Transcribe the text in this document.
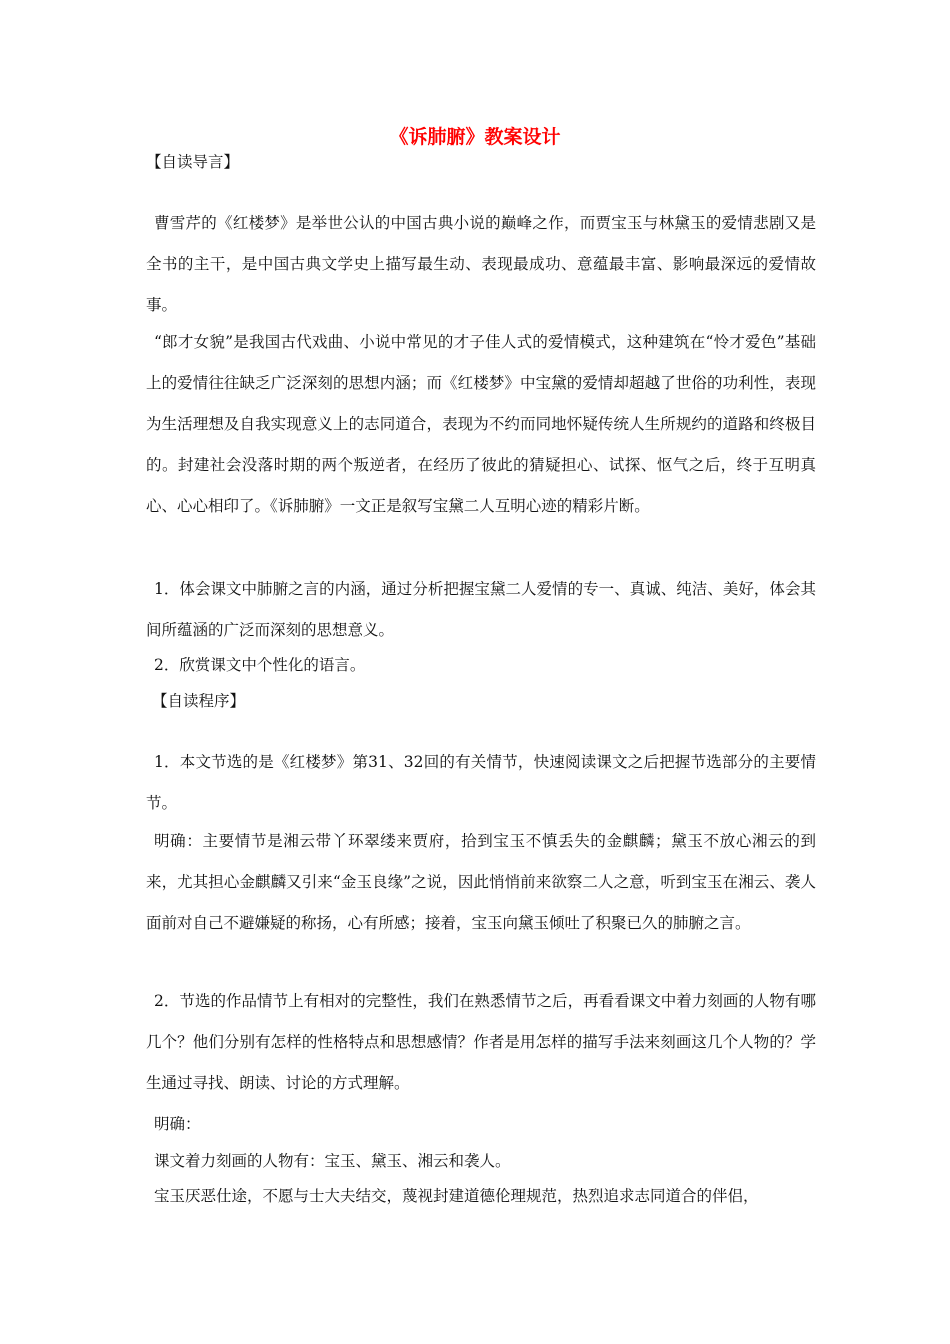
《诉肺腑》教案设计
【自读导言】
曹雪芹的《红楼梦》是举世公认的中国古典小说的巅峰之作，而贾宝玉与林黛玉的爱情悲剧又是全书的主干，是中国古典文学史上描写最生动、表现最成功、意蕴最丰富、影响最深远的爱情故事。
“郎才女貌”是我国古代戏曲、小说中常见的才子佳人式的爱情模式，这种建筑在“怜才爱色”基础上的爱情往往缺乏广泛深刻的思想内涵；而《红楼梦》中宝黛的爱情却超越了世俗的功利性，表现为生活理想及自我实现意义上的志同道合，表现为不约而同地怀疑传统人生所规约的道路和终极目的。封建社会没落时期的两个叛逆者，在经历了彼此的猜疑担心、试探、怄气之后，终于互明真心、心心相印了。《诉肺腑》一文正是叙写宝黛二人互明心迹的精彩片断。
1．体会课文中肺腑之言的内涵，通过分析把握宝黛二人爱情的专一、真诚、纯洁、美好，体会其间所蕴涵的广泛而深刻的思想意义。
2．欣赏课文中个性化的语言。
【自读程序】
1．本文节选的是《红楼梦》第31、32回的有关情节，快速阅读课文之后把握节选部分的主要情节。
明确：主要情节是湘云带丫环翠缕来贾府，拾到宝玉不慎丢失的金麒麟；黛玉不放心湘云的到来，尤其担心金麒麟又引来“金玉良缘”之说，因此悄悄前来欲察二人之意，听到宝玉在湘云、袭人面前对自己不避嫌疑的称扬，心有所感；接着，宝玉向黛玉倾吐了积聚已久的肺腑之言。
2．节选的作品情节上有相对的完整性，我们在熟悉情节之后，再看看课文中着力刻画的人物有哪几个？他们分别有怎样的性格特点和思想感情？作者是用怎样的描写手法来刻画这几个人物的？学生通过寻找、朗读、讨论的方式理解。
明确：
课文着力刻画的人物有：宝玉、黛玉、湘云和袭人。
宝玉厌恶仕途，不愿与士大夫结交，蔑视封建道德伦理规范，热烈追求志同道合的伴侣，
